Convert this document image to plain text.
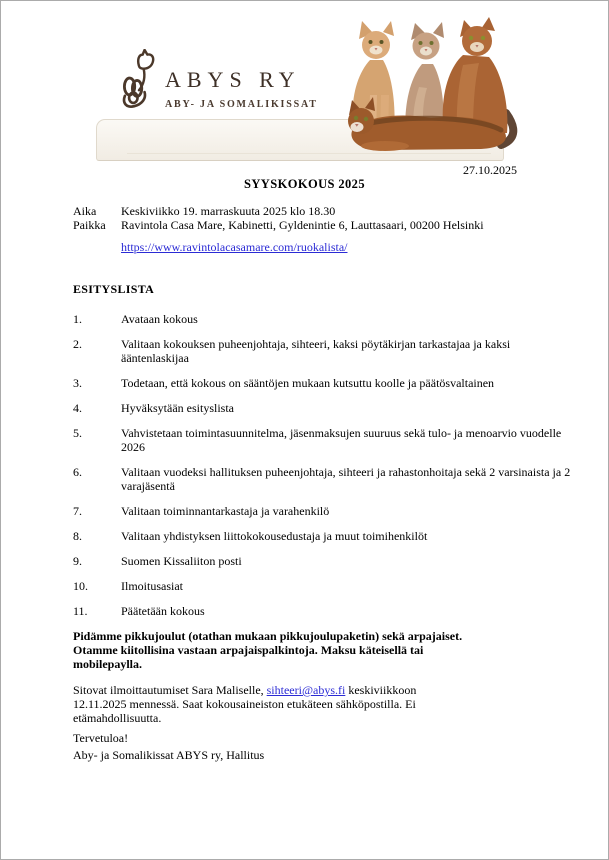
ABYS RY
ABY- JA SOMALIKISSAT
27.10.2025
SYYSKOKOUS 2025
Aika	Keskiviikko 19. marraskuuta 2025 klo 18.30
Paikka	Ravintola Casa Mare, Kabinetti, Gyldenintie 6, Lauttasaari, 00200 Helsinki
https://www.ravintolacasamare.com/ruokalista/
ESITYSLISTA
1.	Avataan kokous
2.	Valitaan kokouksen puheenjohtaja, sihteeri, kaksi pöytäkirjan tarkastajaa ja kaksi ääntenlaskijaa
3.	Todetaan, että kokous on sääntöjen mukaan kutsuttu koolle ja päätösvaltainen
4.	Hyväksytään esityslista
5.	Vahvistetaan toimintasuunnitelma, jäsenmaksujen suuruus sekä tulo- ja menoarvio vuodelle 2026
6.	Valitaan vuodeksi hallituksen puheenjohtaja, sihteeri ja rahastonhoitaja sekä 2 varsinaista ja 2 varajäsentä
7.	Valitaan toiminnantarkastaja ja varahenkilö
8.	Valitaan yhdistyksen liittokokousedustaja ja muut toimihenkilöt
9.	Suomen Kissaliiton posti
10.	Ilmoitusasiat
11.	Päätetään kokous
Pidämme pikkujoulut (otathan mukaan pikkujoulupaketin) sekä arpajaiset.
Otamme kiitollisina vastaan arpajaispalkintoja. Maksu käteisellä tai
mobilepaylla.
Sitovat ilmoittautumiset Sara Maliselle, sihteeri@abys.fi keskiviikkoon
12.11.2025 mennessä. Saat kokousaineiston etukäteen sähköpostilla. Ei
etämahdollisuutta.
Tervetuloa!
Aby- ja Somalikissat ABYS ry, Hallitus
